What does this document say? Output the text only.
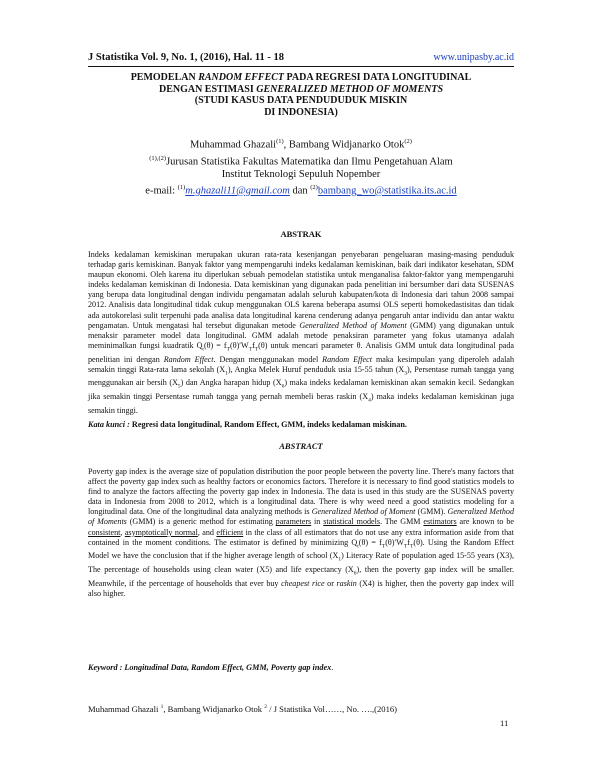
J Statistika Vol. 9, No. 1, (2016), Hal. 11 - 18	www.unipasby.ac.id
PEMODELAN RANDOM EFFECT PADA REGRESI DATA LONGITUDINAL
DENGAN ESTIMASI GENERALIZED METHOD OF MOMENTS
(STUDI KASUS DATA PENDUDUDUK MISKIN
DI INDONESIA)
Muhammad Ghazali$^{(1)}$, Bambang Widjanarko Otok$^{(2)}$
$^{(1),(2)}$Jurusan Statistika Fakultas Matematika dan Ilmu Pengetahuan Alam
Institut Teknologi Sepuluh Nopember
e-mail: $^{(1)}$m.ghazali11@gmail.com dan $^{(2)}$bambang_wo@statistika.its.ac.id
ABSTRAK
Indeks kedalaman kemiskinan merupakan ukuran rata-rata kesenjangan penyebaran pengeluaran masing-masing penduduk terhadap garis kemiskinan. Banyak faktor yang mempengaruhi indeks kedalaman kemiskinan, baik dari indikator kesehatan, SDM maupun ekonomi. Oleh karena itu diperlukan sebuah pemodelan statistika untuk menganalisa faktor-faktor yang mempengaruhi indeks kedalaman kemiskinan di Indonesia. Data kemiskinan yang digunakan pada penelitian ini bersumber dari data SUSENAS yang berupa data longitudinal dengan individu pengamatan adalah seluruh kabupaten/kota di Indonesia dari tahun 2008 sampai 2012. Analisis data longitudinal tidak cukup menggunakan OLS karena beberapa asumsi OLS seperti homokedastisitas dan tidak ada autokorelasi sulit terpenuhi pada analisa data longitudinal karena cenderung adanya pengaruh antar individu dan antar waktu pengamatan. Untuk mengatasi hal tersebut digunakan metode Generalized Method of Moment (GMM) yang digunakan untuk menaksir parameter model data longitudinal. GMM adalah metode penaksiran parameter yang fokus utamanya adalah meminimalkan fungsi kuadratik $Q_t(\theta) = f_T(\theta)'W_Tf_T(\theta)$ untuk mencari parameter θ. Analisis GMM untuk data longitudinal pada penelitian ini dengan Random Effect. Dengan menggunakan model Random Effect maka kesimpulan yang diperoleh adalah semakin tinggi Rata-rata lama sekolah $(X_1)$, Angka Melek Huruf penduduk usia 15-55 tahun $(X_3)$, Persentase rumah tangga yang menggunakan air bersih $(X_5)$ dan Angka harapan hidup $(X_6)$ maka indeks kedalaman kemiskinan akan semakin kecil. Sedangkan jika semakin tinggi Persentase rumah tangga yang pernah membeli beras raskin $(X_4)$ maka indeks kedalaman kemiskinan juga semakin tinggi.
Kata kunci : Regresi data longitudinal, Random Effect, GMM, indeks kedalaman miskinan.
ABSTRACT
Poverty gap index is the average size of population distribution the poor people between the poverty line. There's many factors that affect the poverty gap index such as healthy factors or economics factors. Therefore it is necessary to find good statistics models to find to analyze the factors affecting the poverty gap index in Indonesia. The data is used in this study are the SUSENAS poverty data in Indonesia from 2008 to 2012, which is a longitudinal data. There is why weed need a good statistics modeling for a longitudinal data. One of the longitudinal data analyzing methods is Generalized Method of Moment (GMM). Generalized Method of Moments (GMM) is a generic method for estimating parameters in statistical models. The GMM estimators are known to be consistent, asymptotically normal, and efficient in the class of all estimators that do not use any extra information aside from that contained in the moment conditions. The estimator is defined by minimizing $Q_t(\theta) = f_T(\theta)'W_Tf_T(\theta)$. Using the Random Effect Model we have the conclusion that if the higher average length of school $(X_1)$ Literacy Rate of population aged 15-55 years (X3), The percentage of households using clean water (X5) and life expectancy $(X_6)$, then the poverty gap index will be smaller. Meanwhile, if the percentage of households that ever buy cheapest rice or raskin (X4) is higher, then the poverty gap index will also higher.
Keyword : Longitudinal Data, Random Effect, GMM, Poverty gap index.
Muhammad Ghazali $^1$, Bambang Widjanarko Otok $^2$ / J Statistika Vol……, No. ….,(2016)
11
